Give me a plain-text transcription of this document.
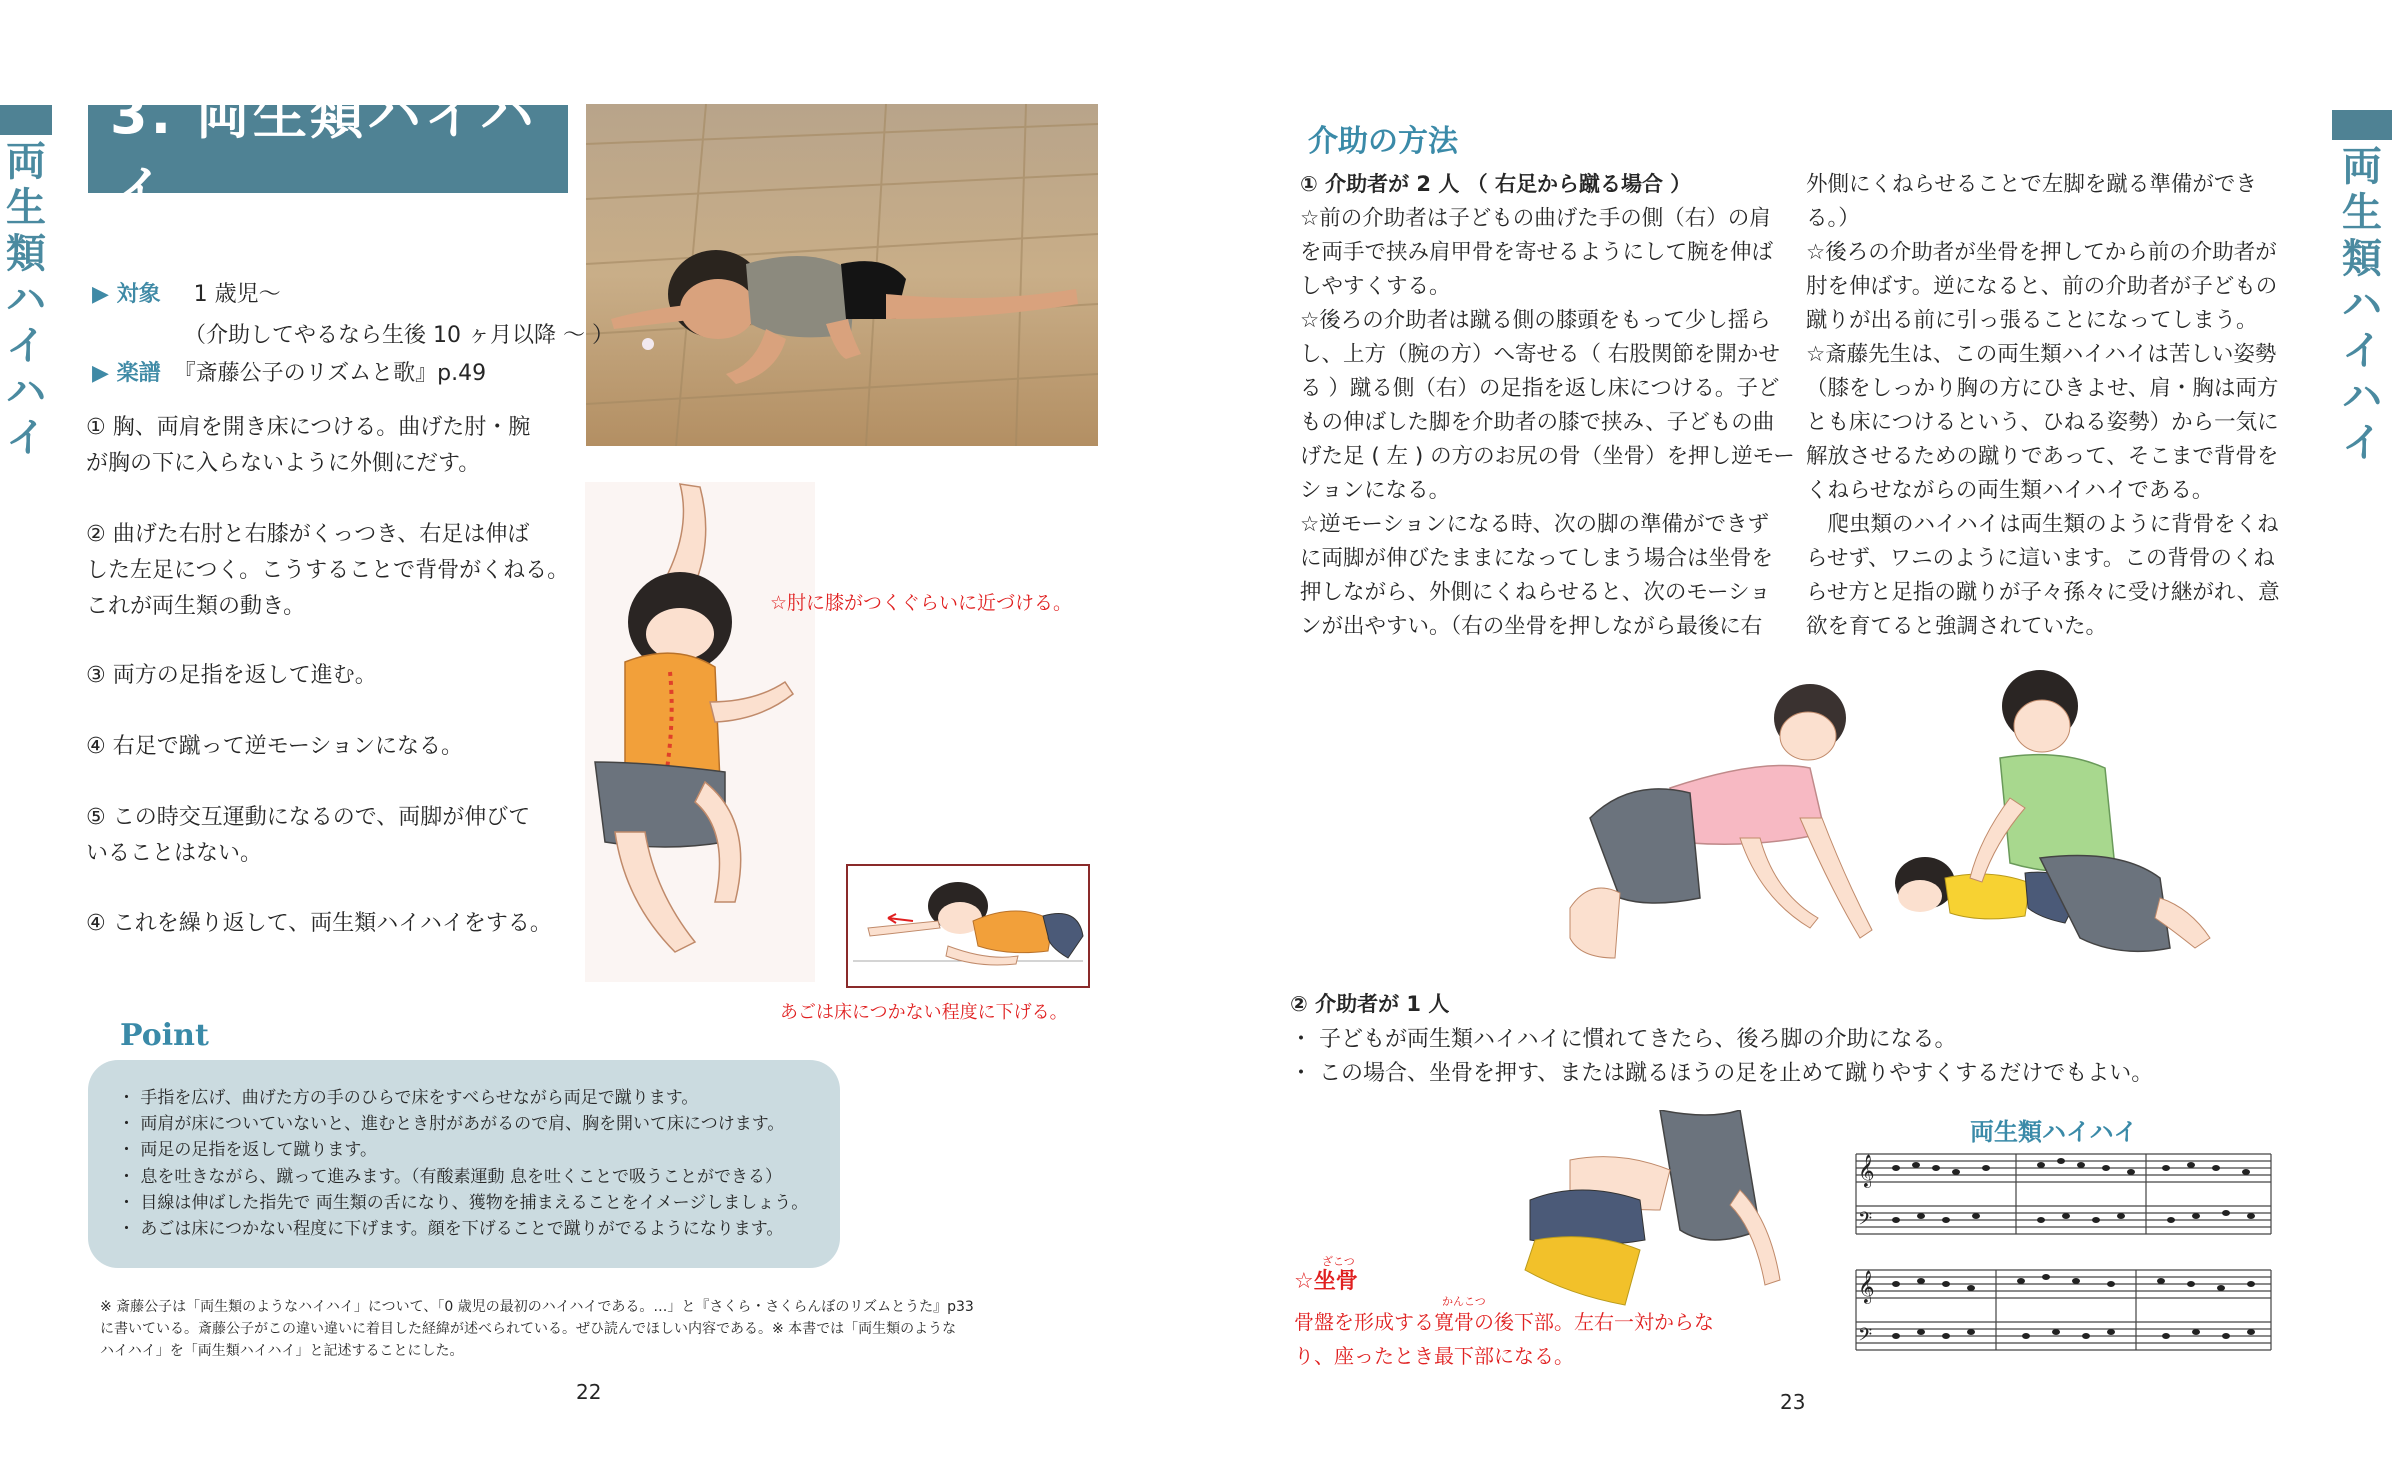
両
生
類
ハ
イ
ハ
イ
両
生
類
ハ
イ
ハ
イ
3. 両生類ハイハイ
▶ 対象 1 歳児〜
（介助してやるなら生後 10 ヶ月以降 〜 ）
▶ 楽譜 『斎藤公子のリズムと歌』p.49
① 胸、両肩を開き床につける。曲げた肘・腕
が胸の下に入らないように外側にだす。
② 曲げた右肘と右膝がくっつき、右足は伸ば
した左足につく。こうすることで背骨がくねる。
これが両生類の動き。
③ 両方の足指を返して進む。
④ 右足で蹴って逆モーションになる。
⑤ この時交互運動になるので、両脚が伸びて
いることはない。
④ これを繰り返して、両生類ハイハイをする。
☆肘に膝がつくぐらいに近づける。
あごは床につかない程度に下げる。
Point
・ 手指を広げ、曲げた方の手のひらで床をすべらせながら両足で蹴ります。
・ 両肩が床についていないと、進むとき肘があがるので肩、胸を開いて床につけます。
・ 両足の足指を返して蹴ります。
・ 息を吐きながら、蹴って進みます。（有酸素運動 息を吐くことで吸うことができる）
・ 目線は伸ばした指先で 両生類の舌になり、獲物を捕まえることをイメージしましょう。
・ あごは床につかない程度に下げます。顔を下げることで蹴りがでるようになります。
※ 斎藤公子は「両生類のようなハイハイ」について、「0 歳児の最初のハイハイである。…」と『さくら・さくらんぼのリズムとうた』p33
に書いている。斎藤公子がこの違い違いに着目した経緯が述べられている。ぜひ読んでほしい内容である。※ 本書では「両生類のような
ハイハイ」を「両生類ハイハイ」と記述することにした。
22
介助の方法
① 介助者が 2 人 （ 右足から蹴る場合 ）
☆前の介助者は子どもの曲げた手の側（右）の肩
を両手で挟み肩甲骨を寄せるようにして腕を伸ば
しやすくする。
☆後ろの介助者は蹴る側の膝頭をもって少し揺ら
し、上方（腕の方）へ寄せる（ 右股関節を開かせ
る ）蹴る側（右）の足指を返し床につける。子ど
もの伸ばした脚を介助者の膝で挟み、子どもの曲
げた足 ( 左 ) の方のお尻の骨（坐骨）を押し逆モー
ションになる。
☆逆モーションになる時、次の脚の準備ができず
に両脚が伸びたままになってしまう場合は坐骨を
押しながら、外側にくねらせると、次のモーショ
ンが出やすい。（右の坐骨を押しながら最後に右
外側にくねらせることで左脚を蹴る準備ができ
る。）
☆後ろの介助者が坐骨を押してから前の介助者が
肘を伸ばす。逆になると、前の介助者が子どもの
蹴りが出る前に引っ張ることになってしまう。
☆斎藤先生は、この両生類ハイハイは苦しい姿勢
（膝をしっかり胸の方にひきよせ、肩・胸は両方
とも床につけるという、ひねる姿勢）から一気に
解放させるための蹴りであって、そこまで背骨を
くねらせながらの両生類ハイハイである。
　爬虫類のハイハイは両生類のように背骨をくね
らせず、ワニのように這います。この背骨のくね
らせ方と足指の蹴りが子々孫々に受け継がれ、意
欲を育てると強調されていた。
② 介助者が 1 人
・ 子どもが両生類ハイハイに慣れてきたら、後ろ脚の介助になる。
・ この場合、坐骨を押す、または蹴るほうの足を止めて蹴りやすくするだけでもよい。
ざこつ
☆坐骨
かんこつ
骨盤を形成する寛骨の後下部。左右一対からな
り、座ったとき最下部になる。
両生類ハイハイ
𝄞
𝄢
𝄞
𝄢
23
